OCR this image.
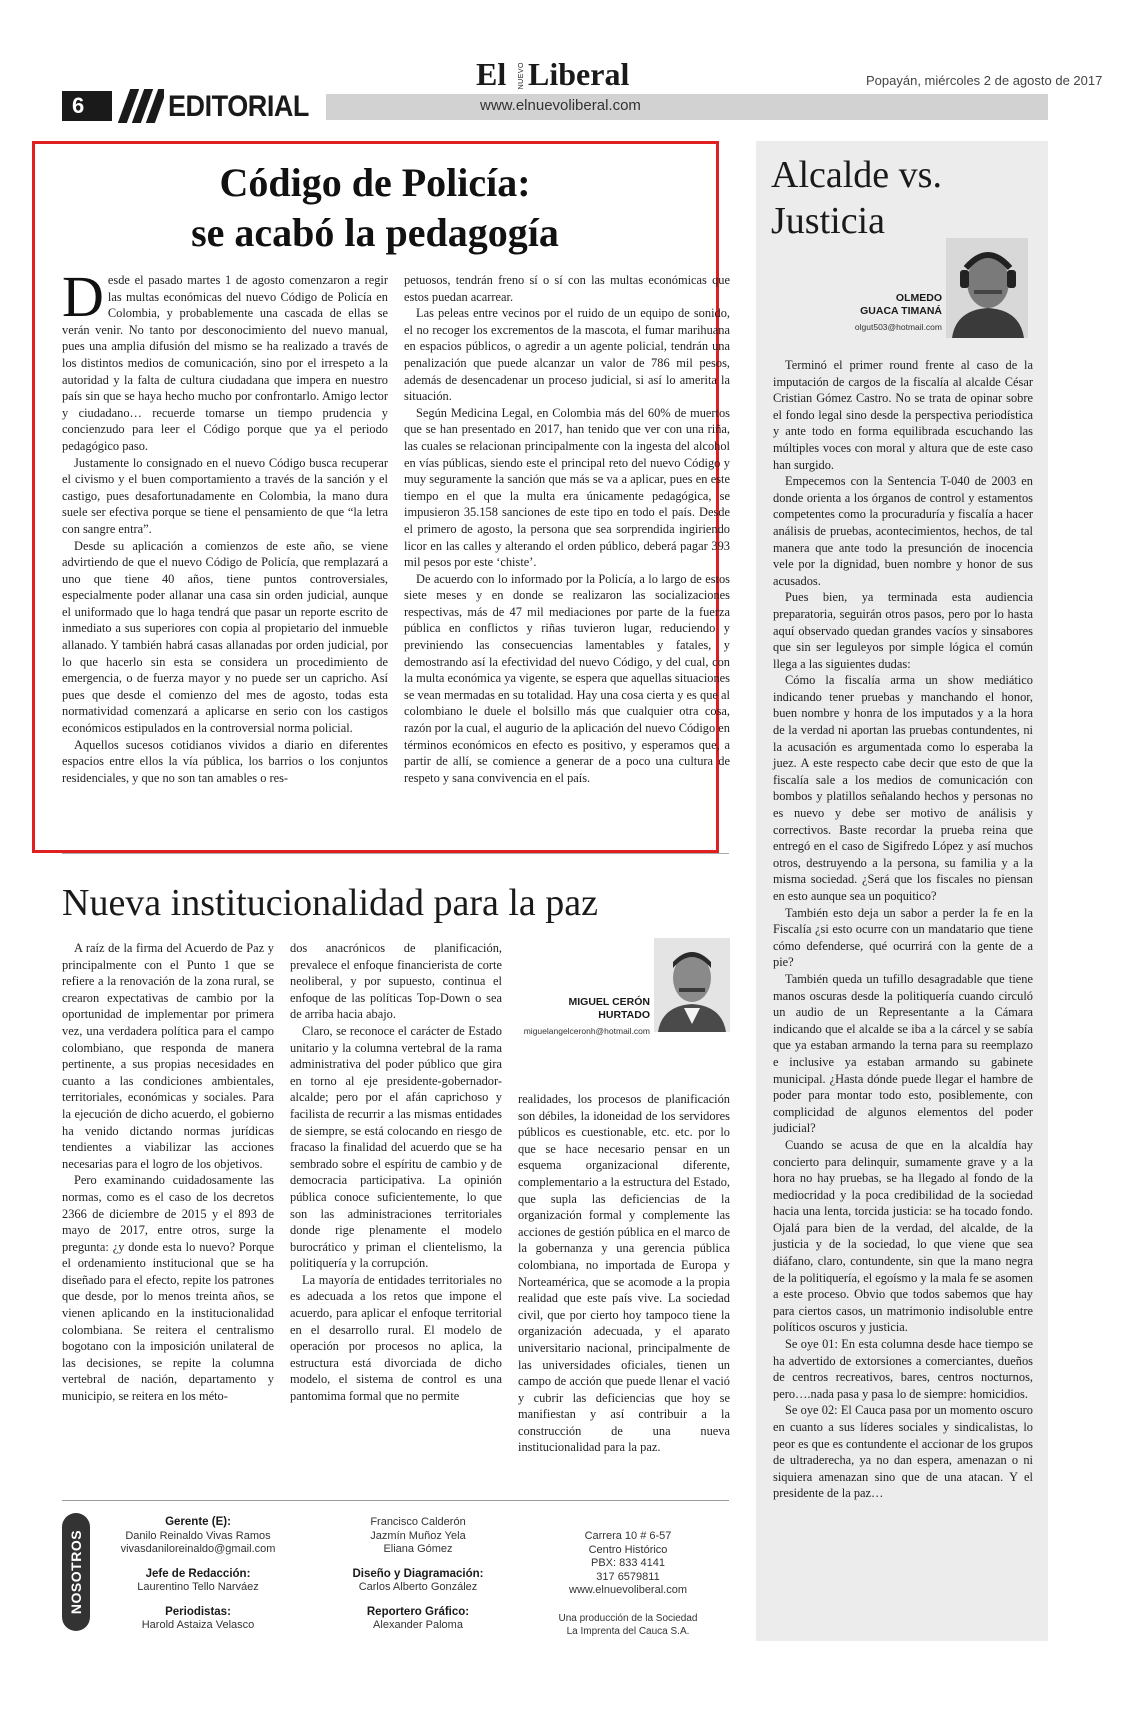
El NUEVO Liberal	Popayán, miércoles 2 de agosto de 2017
6	EDITORIAL	www.elnuevoliberal.com
Código de Policía:
se acabó la pedagogía

Desde el pasado martes 1 de agosto comenzaron a regir las multas económicas del nuevo Código de Policía en Colombia, y probablemente una cascada de ellas se verán venir. No tanto por desconocimiento del nuevo manual, pues una amplia difusión del mismo se ha realizado a través de los distintos medios de comunicación, sino por el irrespeto a la autoridad y la falta de cultura ciudadana que impera en nuestro país sin que se haya hecho mucho por confrontarlo. Amigo lector y ciudadano… recuerde tomarse un tiempo prudencia y concienzudo para leer el Código porque que ya el periodo pedagógico paso.

Justamente lo consignado en el nuevo Código busca recuperar el civismo y el buen comportamiento a través de la sanción y el castigo, pues desafortunadamente en Colombia, la mano dura suele ser efectiva porque se tiene el pensamiento de que “la letra con sangre entra”.

Desde su aplicación a comienzos de este año, se viene advirtiendo de que el nuevo Código de Policía, que remplazará a uno que tiene 40 años, tiene puntos controversiales, especialmente poder allanar una casa sin orden judicial, aunque el uniformado que lo haga tendrá que pasar un reporte escrito de inmediato a sus superiores con copia al propietario del inmueble allanado. Y también habrá casas allanadas por orden judicial, por lo que hacerlo sin esta se considera un procedimiento de emergencia, o de fuerza mayor y no puede ser un capricho. Así pues que desde el comienzo del mes de agosto, todas esta normatividad comenzará a aplicarse en serio con los castigos económicos estipulados en la controversial norma policial.

Aquellos sucesos cotidianos vividos a diario en diferentes espacios entre ellos la vía pública, los barrios o los conjuntos residenciales, y que no son tan amables o res-

petuosos, tendrán freno sí o sí con las multas económicas que estos puedan acarrear.

Las peleas entre vecinos por el ruido de un equipo de sonido, el no recoger los excrementos de la mascota, el fumar marihuana en espacios públicos, o agredir a un agente policial, tendrán una penalización que puede alcanzar un valor de 786 mil pesos, además de desencadenar un proceso judicial, si así lo amerita la situación.

Según Medicina Legal, en Colombia más del 60% de muertos que se han presentado en 2017, han tenido que ver con una riña, las cuales se relacionan principalmente con la ingesta del alcohol en vías públicas, siendo este el principal reto del nuevo Código y muy seguramente la sanción que más se va a aplicar, pues en este tiempo en el que la multa era únicamente pedagógica, se impusieron 35.158 sanciones de este tipo en todo el país. Desde el primero de agosto, la persona que sea sorprendida ingiriendo licor en las calles y alterando el orden público, deberá pagar 393 mil pesos por este ‘chiste’.

De acuerdo con lo informado por la Policía, a lo largo de estos siete meses y en donde se realizaron las socializaciones respectivas, más de 47 mil mediaciones por parte de la fuerza pública en conflictos y riñas tuvieron lugar, reduciendo y previniendo las consecuencias lamentables y fatales, y demostrando así la efectividad del nuevo Código, y del cual, con la multa económica ya vigente, se espera que aquellas situaciones se vean mermadas en su totalidad. Hay una cosa cierta y es que al colombiano le duele el bolsillo más que cualquier otra cosa, razón por la cual, el augurio de la aplicación del nuevo Código en términos económicos en efecto es positivo, y esperamos que, a partir de allí, se comience a generar de a poco una cultura de respeto y sana convivencia en el país.

Alcalde vs.
Justicia
OLMEDO
GUACA TIMANÁ
olgut503@hotmail.com

Terminó el primer round frente al caso de la imputación de cargos de la fiscalía al alcalde César Cristian Gómez Castro. No se trata de opinar sobre el fondo legal sino desde la perspectiva periodística y ante todo en forma equilibrada escuchando las múltiples voces con moral y altura que de este caso han surgido.

Empecemos con la Sentencia T-040 de 2003 en donde orienta a los órganos de control y estamentos competentes como la procuraduría y fiscalía a hacer análisis de pruebas, acontecimientos, hechos, de tal manera que ante todo la presunción de inocencia vele por la dignidad, buen nombre y honor de sus acusados.

Pues bien, ya terminada esta audiencia preparatoria, seguirán otros pasos, pero por lo hasta aquí observado quedan grandes vacíos y sinsabores que sin ser leguleyos por simple lógica el común llega a las siguientes dudas:

Cómo la fiscalía arma un show mediático indicando tener pruebas y manchando el honor, buen nombre y honra de los imputados y a la hora de la verdad ni aportan las pruebas contundentes, ni la acusación es argumentada como lo esperaba la juez. A este respecto cabe decir que esto de que la fiscalía sale a los medios de comunicación con bombos y platillos señalando hechos y personas no es nuevo y debe ser motivo de análisis y correctivos. Baste recordar la prueba reina que entregó en el caso de Sigifredo López y así muchos otros, destruyendo a la persona, su familia y a la misma sociedad. ¿Será que los fiscales no piensan en esto aunque sea un poquitico?

También esto deja un sabor a perder la fe en la Fiscalía ¿si esto ocurre con un mandatario que tiene cómo defenderse, qué ocurrirá con la gente de a pie?

También queda un tufillo desagradable que tiene manos oscuras desde la politiquería cuando circuló un audio de un Representante a la Cámara indicando que el alcalde se iba a la cárcel y se sabía que ya estaban armando la terna para su reemplazo e inclusive ya estaban armando su gabinete municipal. ¿Hasta dónde puede llegar el hambre de poder para montar todo esto, posiblemente, con complicidad de algunos elementos del poder judicial?

Cuando se acusa de que en la alcaldía hay concierto para delinquir, sumamente grave y a la hora no hay pruebas, se ha llegado al fondo de la mediocridad y la poca credibilidad de la sociedad hacia una lenta, torcida justicia: se ha tocado fondo. Ojalá para bien de la verdad, del alcalde, de la justicia y de la sociedad, lo que viene que sea diáfano, claro, contundente, sin que la mano negra de la politiquería, el egoísmo y la mala fe se asomen a este proceso. Obvio que todos sabemos que hay para ciertos casos, un matrimonio indisoluble entre políticos oscuros y justicia.

Se oye 01: En esta columna desde hace tiempo se ha advertido de extorsiones a comerciantes, dueños de centros recreativos, bares, centros nocturnos, pero….nada pasa y pasa lo de siempre: homicidios.

Se oye 02: El Cauca pasa por un momento oscuro en cuanto a sus líderes sociales y sindicalistas, lo peor es que es contundente el accionar de los grupos de ultraderecha, ya no dan espera, amenazan o ni siquiera amenazan sino que de una atacan. Y el presidente de la paz…

Nueva institucionalidad para la paz

A raíz de la firma del Acuerdo de Paz y principalmente con el Punto 1 que se refiere a la renovación de la zona rural, se crearon expectativas de cambio por la oportunidad de implementar por primera vez, una verdadera política para el campo colombiano, que responda de manera pertinente, a sus propias necesidades en cuanto a las condiciones ambientales, territoriales, económicas y sociales. Para la ejecución de dicho acuerdo, el gobierno ha venido dictando normas jurídicas tendientes a viabilizar las acciones necesarias para el logro de los objetivos.

Pero examinando cuidadosamente las normas, como es el caso de los decretos 2366 de diciembre de 2015 y el 893 de mayo de 2017, entre otros, surge la pregunta: ¿y donde esta lo nuevo? Porque el ordenamiento institucional que se ha diseñado para el efecto, repite los patrones que desde, por lo menos treinta años, se vienen aplicando en la institucionalidad colombiana. Se reitera el centralismo bogotano con la imposición unilateral de las decisiones, se repite la columna vertebral de nación, departamento y municipio, se reitera en los méto-

dos anacrónicos de planificación, prevalece el enfoque financierista de corte neoliberal, y por supuesto, continua el enfoque de las políticas Top-Down o sea de arriba hacia abajo.

Claro, se reconoce el carácter de Estado unitario y la columna vertebral de la rama administrativa del poder público que gira en torno al eje presidente-gobernador-alcalde; pero por el afán caprichoso y facilista de recurrir a las mismas entidades de siempre, se está colocando en riesgo de fracaso la finalidad del acuerdo que se ha sembrado sobre el espíritu de cambio y de democracia participativa. La opinión pública conoce suficientemente, lo que son las administraciones territoriales donde rige plenamente el modelo burocrático y priman el clientelismo, la politiquería y la corrupción.

La mayoría de entidades territoriales no es adecuada a los retos que impone el acuerdo, para aplicar el enfoque territorial en el desarrollo rural. El modelo de operación por procesos no aplica, la estructura está divorciada de dicho modelo, el sistema de control es una pantomima formal que no permite

MIGUEL CERÓN
HURTADO
miguelangelceronh@hotmail.com

realidades, los procesos de planificación son débiles, la idoneidad de los servidores públicos es cuestionable, etc. etc. por lo que se hace necesario pensar en un esquema organizacional diferente, complementario a la estructura del Estado, que supla las deficiencias de la organización formal y complemente las acciones de gestión pública en el marco de la gobernanza y una gerencia pública colombiana, no importada de Europa y Norteamérica, que se acomode a la propia realidad que este país vive. La sociedad civil, que por cierto hoy tampoco tiene la organización adecuada, y el aparato universitario nacional, principalmente de las universidades oficiales, tienen un campo de acción que puede llenar el vació y cubrir las deficiencias que hoy se manifiestan y así contribuir a la construcción de una nueva institucionalidad para la paz.

NOSOTROS
Gerente (E):
Danilo Reinaldo Vivas Ramos
vivasdaniloreinaldo@gmail.com
Jefe de Redacción:
Laurentino Tello Narváez
Periodistas:
Harold Astaiza Velasco
Francisco Calderón
Jazmín Muñoz Yela
Eliana Gómez
Diseño y Diagramación:
Carlos Alberto González
Reportero Gráfico:
Alexander Paloma
Carrera 10 # 6-57
Centro Histórico
PBX: 833 4141
317 6579811
www.elnuevoliberal.com
Una producción de la Sociedad
La Imprenta del Cauca S.A.
